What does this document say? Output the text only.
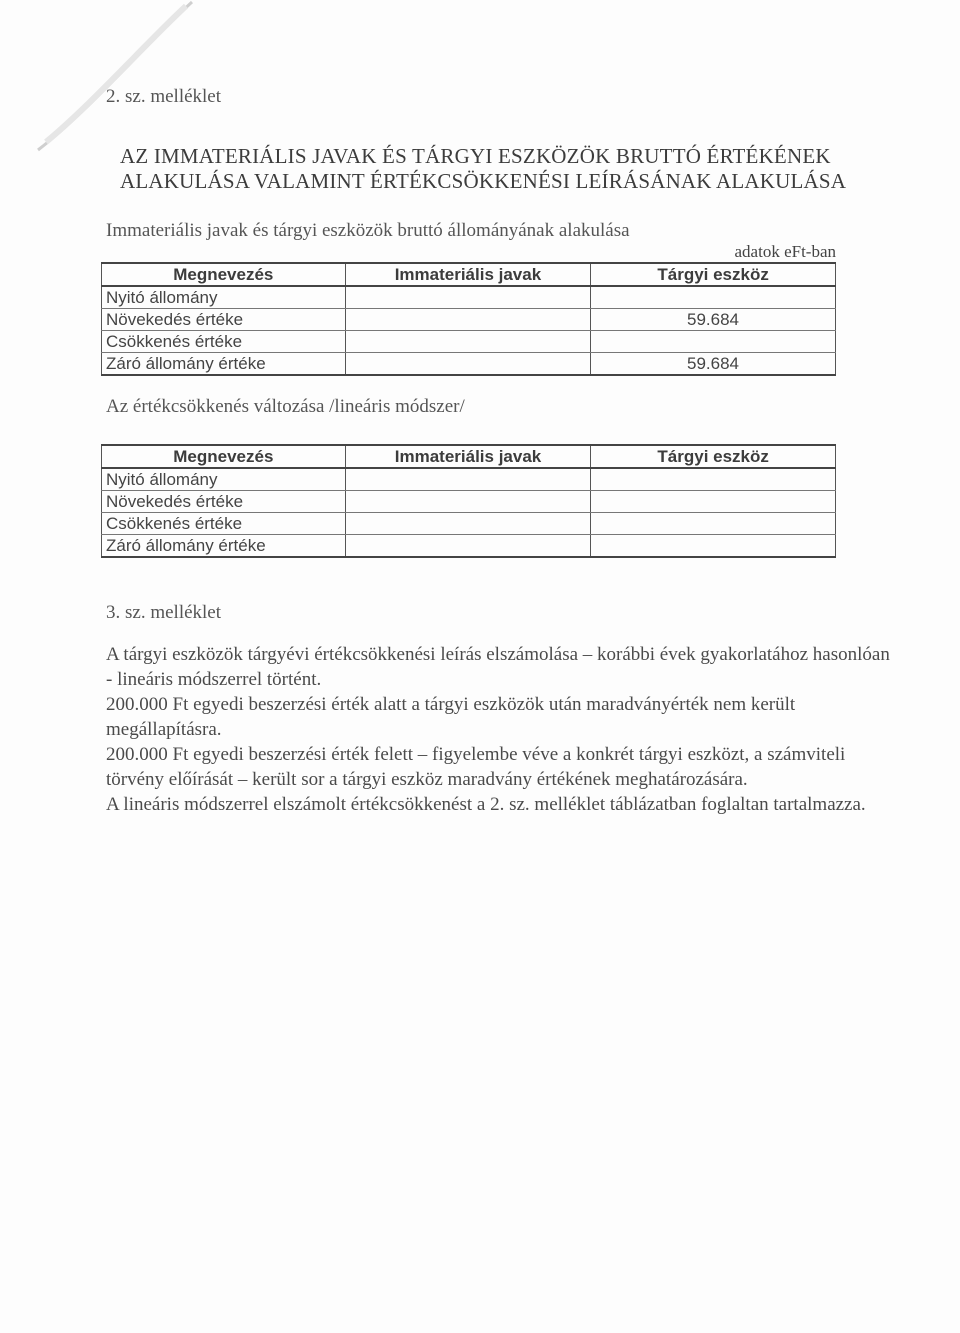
2. sz. melléklet
AZ IMMATERIÁLIS JAVAK ÉS TÁRGYI ESZKÖZÖK BRUTTÓ ÉRTÉKÉNEK
ALAKULÁSA VALAMINT ÉRTÉKCSÖKKENÉSI LEÍRÁSÁNAK ALAKULÁSA
Immateriális javak és tárgyi eszközök bruttó állományának alakulása
adatok eFt-ban
Megnevezés	Immateriális javak	Tárgyi eszköz
Nyitó állomány		
Növekedés értéke		59.684
Csökkenés értéke		
Záró állomány értéke		59.684
Az értékcsökkenés változása /lineáris módszer/
Megnevezés	Immateriális javak	Tárgyi eszköz
Nyitó állomány		
Növekedés értéke		
Csökkenés értéke		
Záró állomány értéke		
3. sz. melléklet

A tárgyi eszközök tárgyévi értékcsökkenési leírás elszámolása – korábbi évek gyakorlatához hasonlóan - lineáris módszerrel történt.

200.000 Ft egyedi beszerzési érték alatt a tárgyi eszközök után maradványérték nem került megállapításra.

200.000 Ft egyedi beszerzési érték felett – figyelembe véve a konkrét tárgyi eszközt, a számviteli törvény előírását – került sor a tárgyi eszköz maradvány értékének meghatározására.

A lineáris módszerrel elszámolt értékcsökkenést a 2. sz. melléklet táblázatban foglaltan tartalmazza.
